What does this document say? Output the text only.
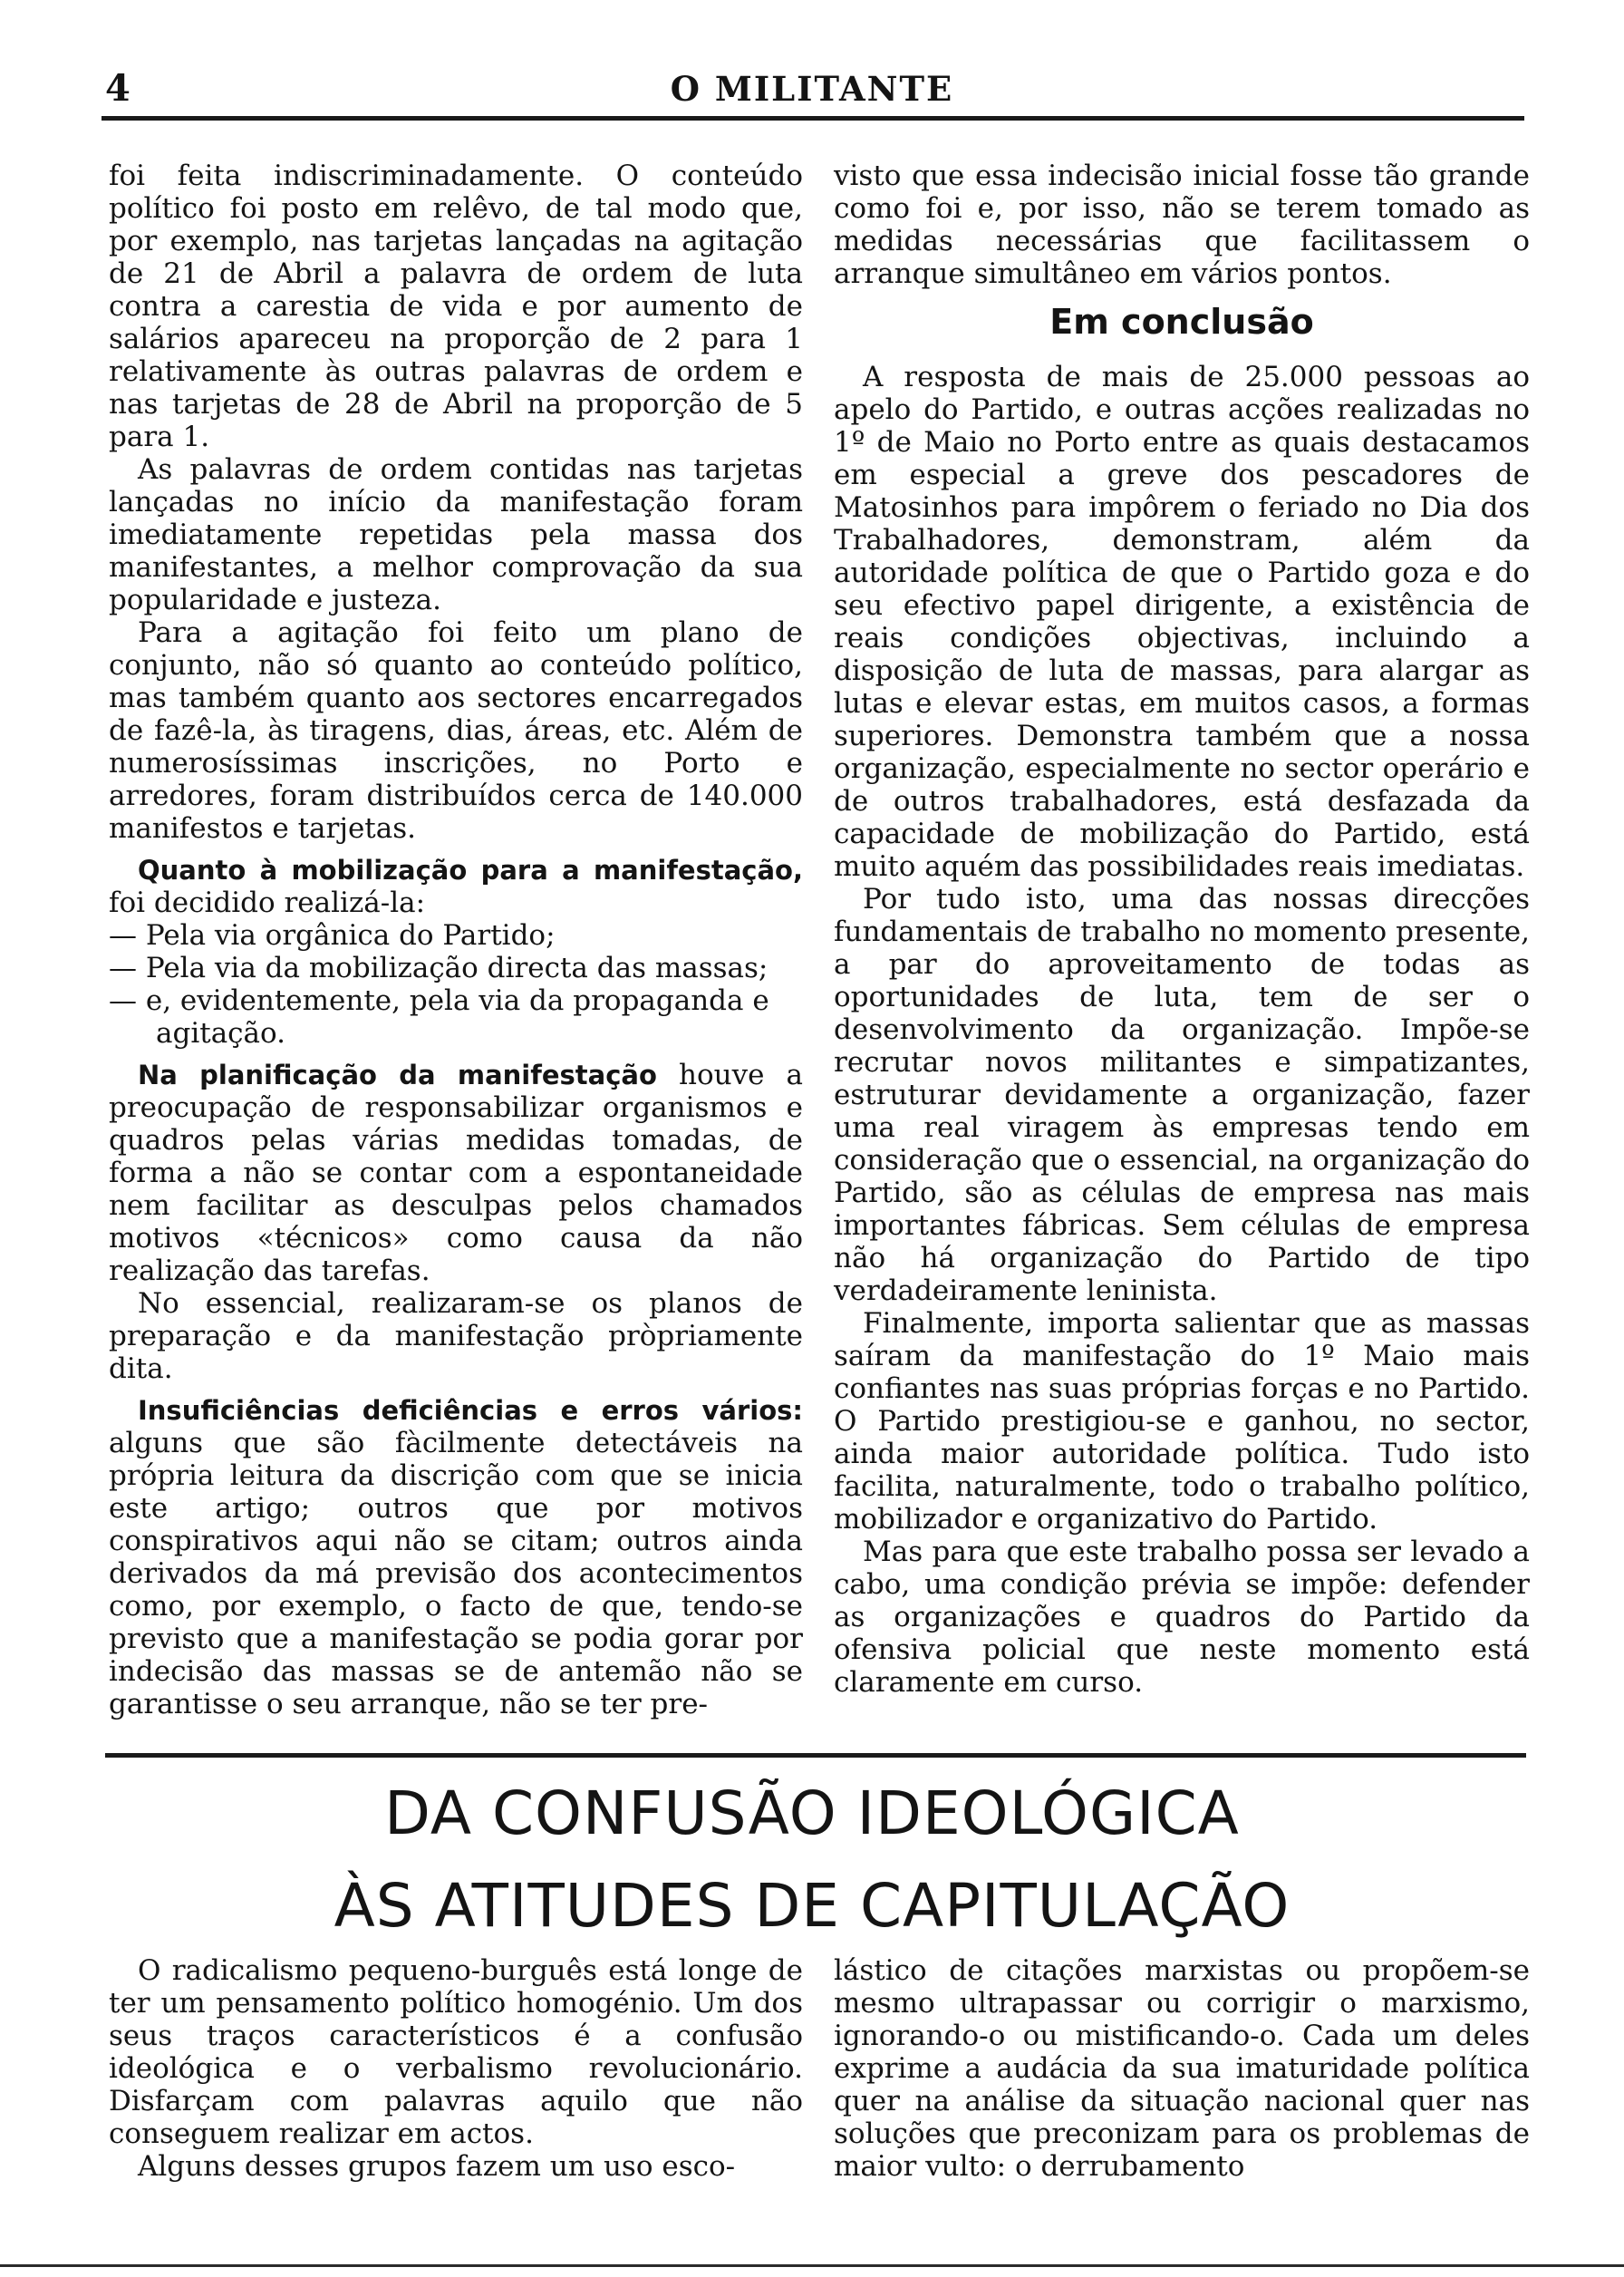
4	O MILITANTE

foi feita indiscriminadamente. O conteúdo político foi posto em relêvo, de tal modo que, por exemplo, nas tarjetas lançadas na agitação de 21 de Abril a palavra de ordem de luta contra a carestia de vida e por aumento de salários apareceu na proporção de 2 para 1 relativamente às outras palavras de ordem e nas tarjetas de 28 de Abril na proporção de 5 para 1.

As palavras de ordem contidas nas tarjetas lançadas no início da manifestação foram imediatamente repetidas pela massa dos manifestantes, a melhor comprovação da sua popularidade e justeza.

Para a agitação foi feito um plano de conjunto, não só quanto ao conteúdo político, mas também quanto aos sectores encarregados de fazê-la, às tiragens, dias, áreas, etc. Além de numerosíssimas inscrições, no Porto e arredores, foram distribuídos cerca de 140.000 manifestos e tarjetas.

Quanto à mobilização para a manifestação, foi decidido realizá-la:

— Pela via orgânica do Partido;

— Pela via da mobilização directa das massas;

— e, evidentemente, pela via da propaganda e agitação.

Na planificação da manifestação houve a preocupação de responsabilizar organismos e quadros pelas várias medidas tomadas, de forma a não se contar com a espontaneidade nem facilitar as desculpas pelos chamados motivos «técnicos» como causa da não realização das tarefas.

No essencial, realizaram-se os planos de preparação e da manifestação pròpriamente dita.

Insuficiências deficiências e erros vários: alguns que são fàcilmente detectáveis na própria leitura da discrição com que se inicia este artigo; outros que por motivos conspirativos aqui não se citam; outros ainda derivados da má previsão dos acontecimentos como, por exemplo, o facto de que, tendo-se previsto que a manifestação se podia gorar por indecisão das massas se de antemão não se garantisse o seu arranque, não se ter pre-

visto que essa indecisão inicial fosse tão grande como foi e, por isso, não se terem tomado as medidas necessárias que facilitassem o arranque simultâneo em vários pontos.

Em conclusão

A resposta de mais de 25.000 pessoas ao apelo do Partido, e outras acções realizadas no 1º de Maio no Porto entre as quais destacamos em especial a greve dos pescadores de Matosinhos para impôrem o feriado no Dia dos Trabalhadores, demonstram, além da autoridade política de que o Partido goza e do seu efectivo papel dirigente, a existência de reais condições objectivas, incluindo a disposição de luta de massas, para alargar as lutas e elevar estas, em muitos casos, a formas superiores. Demonstra também que a nossa organização, especialmente no sector operário e de outros trabalhadores, está desfazada da capacidade de mobilização do Partido, está muito aquém das possibilidades reais imediatas.

Por tudo isto, uma das nossas direcções fundamentais de trabalho no momento presente, a par do aproveitamento de todas as oportunidades de luta, tem de ser o desenvolvimento da organização. Impõe-se recrutar novos militantes e simpatizantes, estruturar devidamente a organização, fazer uma real viragem às empresas tendo em consideração que o essencial, na organização do Partido, são as células de empresa nas mais importantes fábricas. Sem células de empresa não há organização do Partido de tipo verdadeiramente leninista.

Finalmente, importa salientar que as massas saíram da manifestação do 1º Maio mais confiantes nas suas próprias forças e no Partido. O Partido prestigiou-se e ganhou, no sector, ainda maior autoridade política. Tudo isto facilita, naturalmente, todo o trabalho político, mobilizador e organizativo do Partido.

Mas para que este trabalho possa ser levado a cabo, uma condição prévia se impõe: defender as organizações e quadros do Partido da ofensiva policial que neste momento está claramente em curso.

DA CONFUSÃO IDEOLÓGICA
ÀS ATITUDES DE CAPITULAÇÃO

O radicalismo pequeno-burguês está longe de ter um pensamento político homogénio. Um dos seus traços característicos é a confusão ideológica e o verbalismo revolucionário. Disfarçam com palavras aquilo que não conseguem realizar em actos.

Alguns desses grupos fazem um uso esco-

lástico de citações marxistas ou propõem-se mesmo ultrapassar ou corrigir o marxismo, ignorando-o ou mistificando-o. Cada um deles exprime a audácia da sua imaturidade política quer na análise da situação nacional quer nas soluções que preconizam para os problemas de maior vulto: o derrubamento
